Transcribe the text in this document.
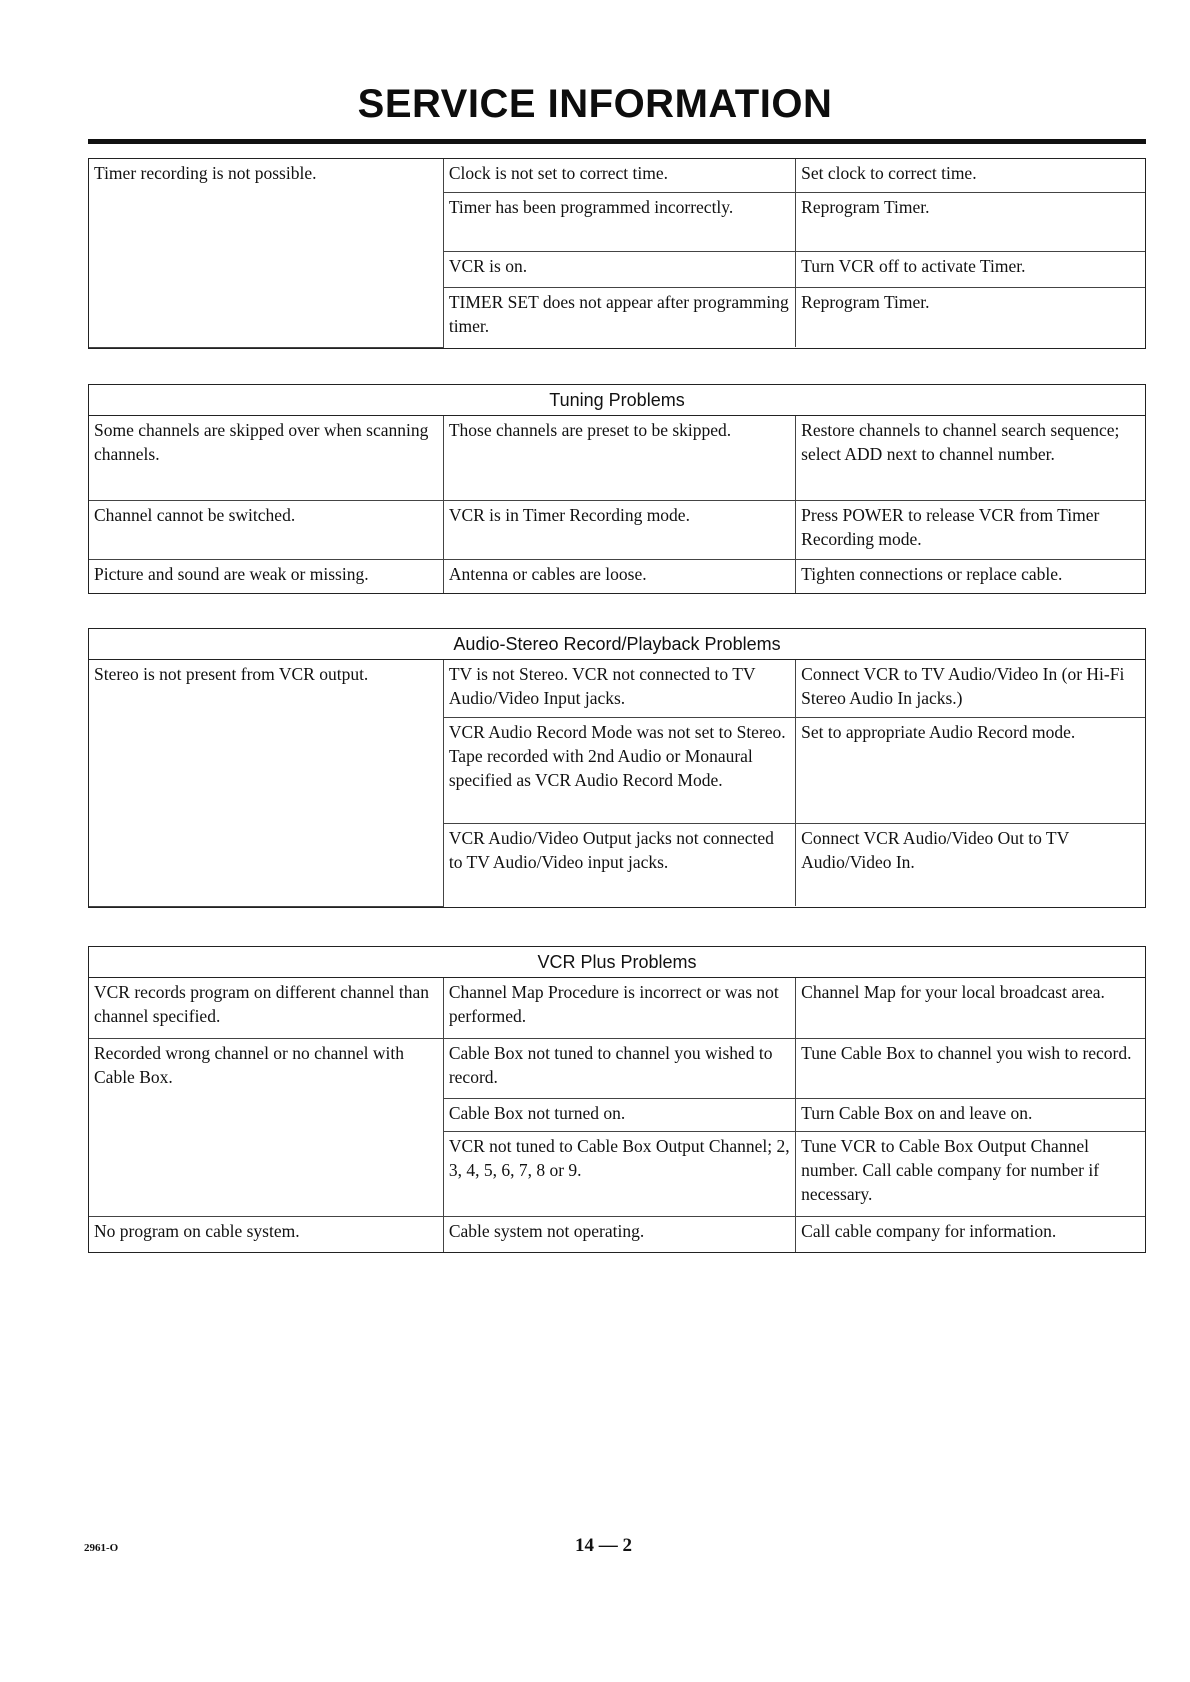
SERVICE INFORMATION
Timer recording is not possible.	Clock is not set to correct time.	Set clock to correct time.
	Timer has been programmed incorrectly.	Reprogram Timer.
	VCR is on.	Turn VCR off to activate Timer.
	TIMER SET does not appear after programming timer.	Reprogram Timer.
Tuning Problems
Some channels are skipped over when scanning channels.	Those channels are preset to be skipped.	Restore channels to channel search sequence; select ADD next to channel number.
Channel cannot be switched.	VCR is in Timer Recording mode.	Press POWER to release VCR from Timer Recording mode.
Picture and sound are weak or missing.	Antenna or cables are loose.	Tighten connections or replace cable.
Audio-Stereo Record/Playback Problems
Stereo is not present from VCR output.	TV is not Stereo. VCR not connected to TV Audio/Video Input jacks.	Connect VCR to TV Audio/Video In (or Hi-Fi Stereo Audio In jacks.)
	VCR Audio Record Mode was not set to Stereo. Tape recorded with 2nd Audio or Monaural specified as VCR Audio Record Mode.	Set to appropriate Audio Record mode.
	VCR Audio/Video Output jacks not connected to TV Audio/Video input jacks.	Connect VCR Audio/Video Out to TV Audio/Video In.
VCR Plus Problems
VCR records program on different channel than channel specified.	Channel Map Procedure is incorrect or was not performed.	Channel Map for your local broadcast area.
Recorded wrong channel or no channel with Cable Box.	Cable Box not tuned to channel you wished to record.	Tune Cable Box to channel you wish to record.
	Cable Box not turned on.	Turn Cable Box on and leave on.
	VCR not tuned to Cable Box Output Channel; 2, 3, 4, 5, 6, 7, 8 or 9.	Tune VCR to Cable Box Output Channel number. Call cable company for number if necessary.
No program on cable system.	Cable system not operating.	Call cable company for information.
2961-O	14 — 2
